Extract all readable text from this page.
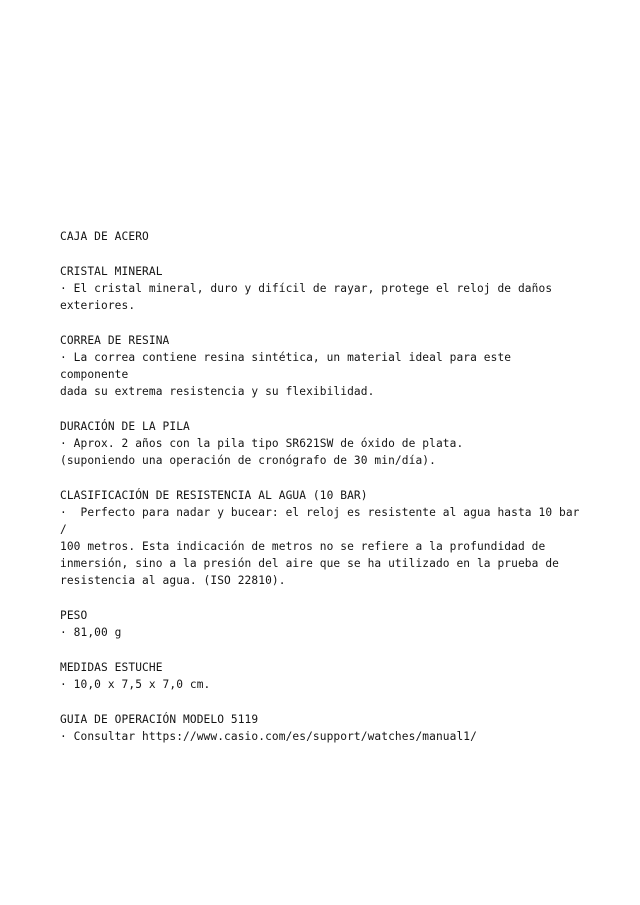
CAJA DE ACERO

CRISTAL MINERAL

· El cristal mineral, duro y difícil de rayar, protege el reloj de daños

exteriores.

CORREA DE RESINA

· La correa contiene resina sintética, un material ideal para este componente

dada su extrema resistencia y su flexibilidad.

DURACIÓN DE LA PILA

· Aprox. 2 años con la pila tipo SR621SW de óxido de plata.

(suponiendo una operación de cronógrafo de 30 min/día).

CLASIFICACIÓN DE RESISTENCIA AL AGUA (10 BAR)

·  Perfecto para nadar y bucear: el reloj es resistente al agua hasta 10 bar /

100 metros. Esta indicación de metros no se refiere a la profundidad de

inmersión, sino a la presión del aire que se ha utilizado en la prueba de

resistencia al agua. (ISO 22810).

PESO

· 81,00 g

MEDIDAS ESTUCHE

· 10,0 x 7,5 x 7,0 cm.

GUIA DE OPERACIÓN MODELO 5119

· Consultar https://www.casio.com/es/support/watches/manual1/
